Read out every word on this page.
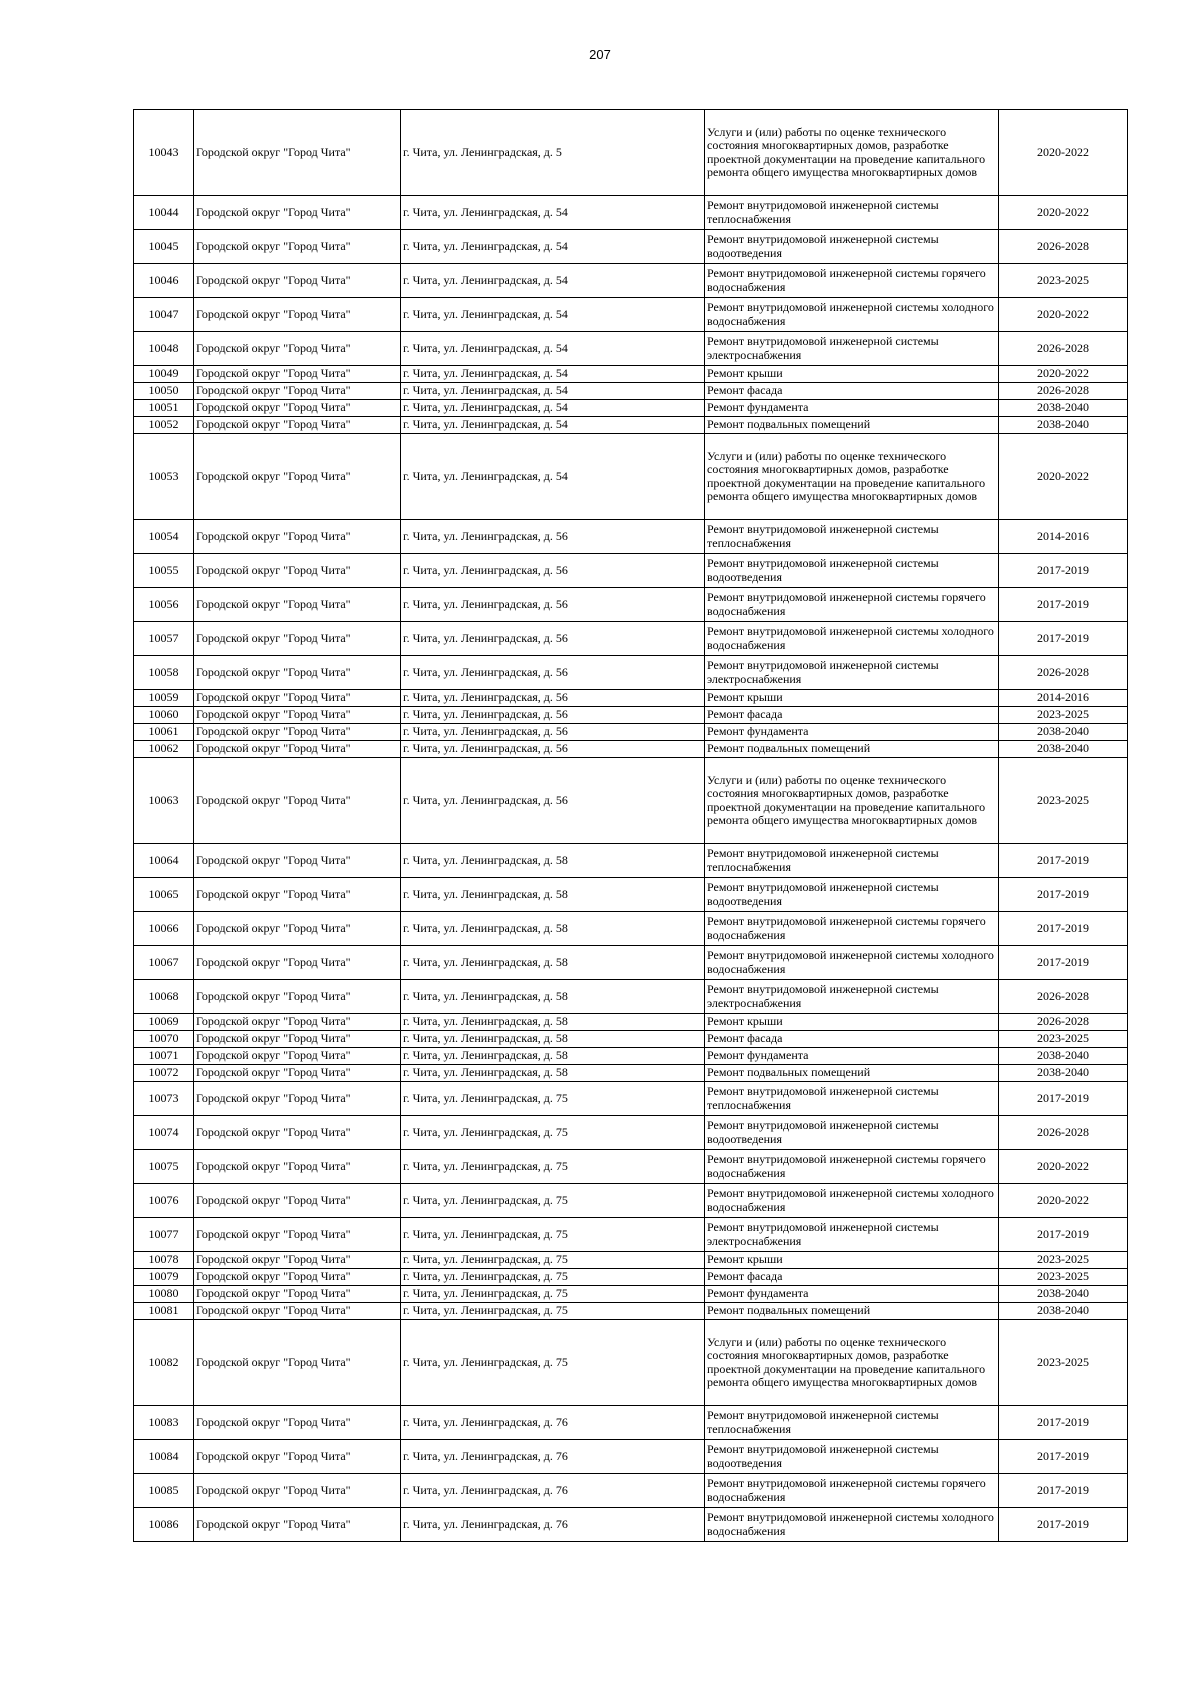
207
10043	Городской округ "Город Чита"	г. Чита, ул. Ленинградская, д. 5	Услуги и (или) работы по оценке технического состояния многоквартирных домов, разработке проектной документации на проведение капитального ремонта общего имущества многоквартирных домов	2020-2022
10044	Городской округ "Город Чита"	г. Чита, ул. Ленинградская, д. 54	Ремонт внутридомовой инженерной системы теплоснабжения	2020-2022
10045	Городской округ "Город Чита"	г. Чита, ул. Ленинградская, д. 54	Ремонт внутридомовой инженерной системы водоотведения	2026-2028
10046	Городской округ "Город Чита"	г. Чита, ул. Ленинградская, д. 54	Ремонт внутридомовой инженерной системы горячего водоснабжения	2023-2025
10047	Городской округ "Город Чита"	г. Чита, ул. Ленинградская, д. 54	Ремонт внутридомовой инженерной системы холодного водоснабжения	2020-2022
10048	Городской округ "Город Чита"	г. Чита, ул. Ленинградская, д. 54	Ремонт внутридомовой инженерной системы электроснабжения	2026-2028
10049	Городской округ "Город Чита"	г. Чита, ул. Ленинградская, д. 54	Ремонт крыши	2020-2022
10050	Городской округ "Город Чита"	г. Чита, ул. Ленинградская, д. 54	Ремонт фасада	2026-2028
10051	Городской округ "Город Чита"	г. Чита, ул. Ленинградская, д. 54	Ремонт фундамента	2038-2040
10052	Городской округ "Город Чита"	г. Чита, ул. Ленинградская, д. 54	Ремонт подвальных помещений	2038-2040
10053	Городской округ "Город Чита"	г. Чита, ул. Ленинградская, д. 54	Услуги и (или) работы по оценке технического состояния многоквартирных домов, разработке проектной документации на проведение капитального ремонта общего имущества многоквартирных домов	2020-2022
10054	Городской округ "Город Чита"	г. Чита, ул. Ленинградская, д. 56	Ремонт внутридомовой инженерной системы теплоснабжения	2014-2016
10055	Городской округ "Город Чита"	г. Чита, ул. Ленинградская, д. 56	Ремонт внутридомовой инженерной системы водоотведения	2017-2019
10056	Городской округ "Город Чита"	г. Чита, ул. Ленинградская, д. 56	Ремонт внутридомовой инженерной системы горячего водоснабжения	2017-2019
10057	Городской округ "Город Чита"	г. Чита, ул. Ленинградская, д. 56	Ремонт внутридомовой инженерной системы холодного водоснабжения	2017-2019
10058	Городской округ "Город Чита"	г. Чита, ул. Ленинградская, д. 56	Ремонт внутридомовой инженерной системы электроснабжения	2026-2028
10059	Городской округ "Город Чита"	г. Чита, ул. Ленинградская, д. 56	Ремонт крыши	2014-2016
10060	Городской округ "Город Чита"	г. Чита, ул. Ленинградская, д. 56	Ремонт фасада	2023-2025
10061	Городской округ "Город Чита"	г. Чита, ул. Ленинградская, д. 56	Ремонт фундамента	2038-2040
10062	Городской округ "Город Чита"	г. Чита, ул. Ленинградская, д. 56	Ремонт подвальных помещений	2038-2040
10063	Городской округ "Город Чита"	г. Чита, ул. Ленинградская, д. 56	Услуги и (или) работы по оценке технического состояния многоквартирных домов, разработке проектной документации на проведение капитального ремонта общего имущества многоквартирных домов	2023-2025
10064	Городской округ "Город Чита"	г. Чита, ул. Ленинградская, д. 58	Ремонт внутридомовой инженерной системы теплоснабжения	2017-2019
10065	Городской округ "Город Чита"	г. Чита, ул. Ленинградская, д. 58	Ремонт внутридомовой инженерной системы водоотведения	2017-2019
10066	Городской округ "Город Чита"	г. Чита, ул. Ленинградская, д. 58	Ремонт внутридомовой инженерной системы горячего водоснабжения	2017-2019
10067	Городской округ "Город Чита"	г. Чита, ул. Ленинградская, д. 58	Ремонт внутридомовой инженерной системы холодного водоснабжения	2017-2019
10068	Городской округ "Город Чита"	г. Чита, ул. Ленинградская, д. 58	Ремонт внутридомовой инженерной системы электроснабжения	2026-2028
10069	Городской округ "Город Чита"	г. Чита, ул. Ленинградская, д. 58	Ремонт крыши	2026-2028
10070	Городской округ "Город Чита"	г. Чита, ул. Ленинградская, д. 58	Ремонт фасада	2023-2025
10071	Городской округ "Город Чита"	г. Чита, ул. Ленинградская, д. 58	Ремонт фундамента	2038-2040
10072	Городской округ "Город Чита"	г. Чита, ул. Ленинградская, д. 58	Ремонт подвальных помещений	2038-2040
10073	Городской округ "Город Чита"	г. Чита, ул. Ленинградская, д. 75	Ремонт внутридомовой инженерной системы теплоснабжения	2017-2019
10074	Городской округ "Город Чита"	г. Чита, ул. Ленинградская, д. 75	Ремонт внутридомовой инженерной системы водоотведения	2026-2028
10075	Городской округ "Город Чита"	г. Чита, ул. Ленинградская, д. 75	Ремонт внутридомовой инженерной системы горячего водоснабжения	2020-2022
10076	Городской округ "Город Чита"	г. Чита, ул. Ленинградская, д. 75	Ремонт внутридомовой инженерной системы холодного водоснабжения	2020-2022
10077	Городской округ "Город Чита"	г. Чита, ул. Ленинградская, д. 75	Ремонт внутридомовой инженерной системы электроснабжения	2017-2019
10078	Городской округ "Город Чита"	г. Чита, ул. Ленинградская, д. 75	Ремонт крыши	2023-2025
10079	Городской округ "Город Чита"	г. Чита, ул. Ленинградская, д. 75	Ремонт фасада	2023-2025
10080	Городской округ "Город Чита"	г. Чита, ул. Ленинградская, д. 75	Ремонт фундамента	2038-2040
10081	Городской округ "Город Чита"	г. Чита, ул. Ленинградская, д. 75	Ремонт подвальных помещений	2038-2040
10082	Городской округ "Город Чита"	г. Чита, ул. Ленинградская, д. 75	Услуги и (или) работы по оценке технического состояния многоквартирных домов, разработке проектной документации на проведение капитального ремонта общего имущества многоквартирных домов	2023-2025
10083	Городской округ "Город Чита"	г. Чита, ул. Ленинградская, д. 76	Ремонт внутридомовой инженерной системы теплоснабжения	2017-2019
10084	Городской округ "Город Чита"	г. Чита, ул. Ленинградская, д. 76	Ремонт внутридомовой инженерной системы водоотведения	2017-2019
10085	Городской округ "Город Чита"	г. Чита, ул. Ленинградская, д. 76	Ремонт внутридомовой инженерной системы горячего водоснабжения	2017-2019
10086	Городской округ "Город Чита"	г. Чита, ул. Ленинградская, д. 76	Ремонт внутридомовой инженерной системы холодного водоснабжения	2017-2019
